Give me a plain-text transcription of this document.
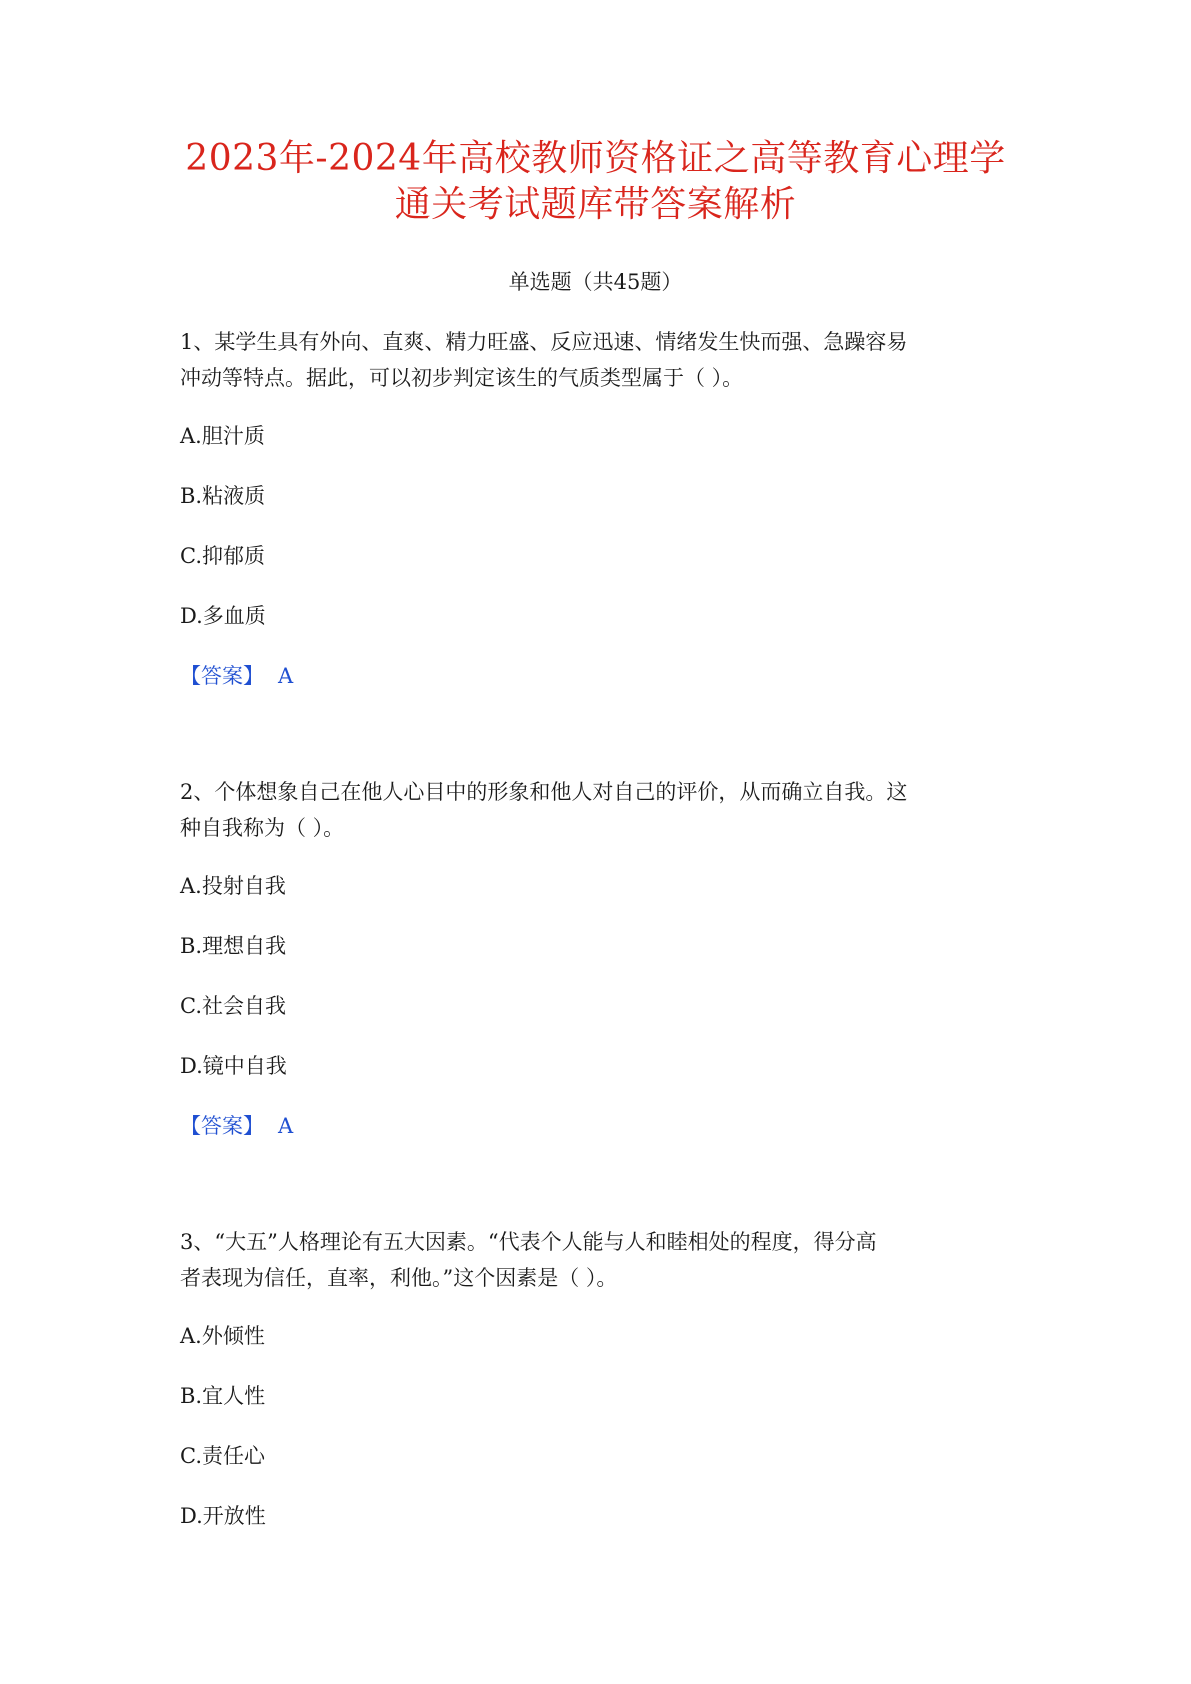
2023年-2024年高校教师资格证之高等教育心理学
通关考试题库带答案解析
单选题（共45题）
1、某学生具有外向、直爽、精力旺盛、反应迅速、情绪发生快而强、急躁容易
冲动等特点。据此，可以初步判定该生的气质类型属于（ ）。
A.胆汁质
B.粘液质
C.抑郁质
D.多血质
【答案】 A
2、个体想象自己在他人心目中的形象和他人对自己的评价，从而确立自我。这
种自我称为（ ）。
A.投射自我
B.理想自我
C.社会自我
D.镜中自我
【答案】 A
3、“大五”人格理论有五大因素。“代表个人能与人和睦相处的程度，得分高
者表现为信任，直率，利他。”这个因素是（ ）。
A.外倾性
B.宜人性
C.责任心
D.开放性
